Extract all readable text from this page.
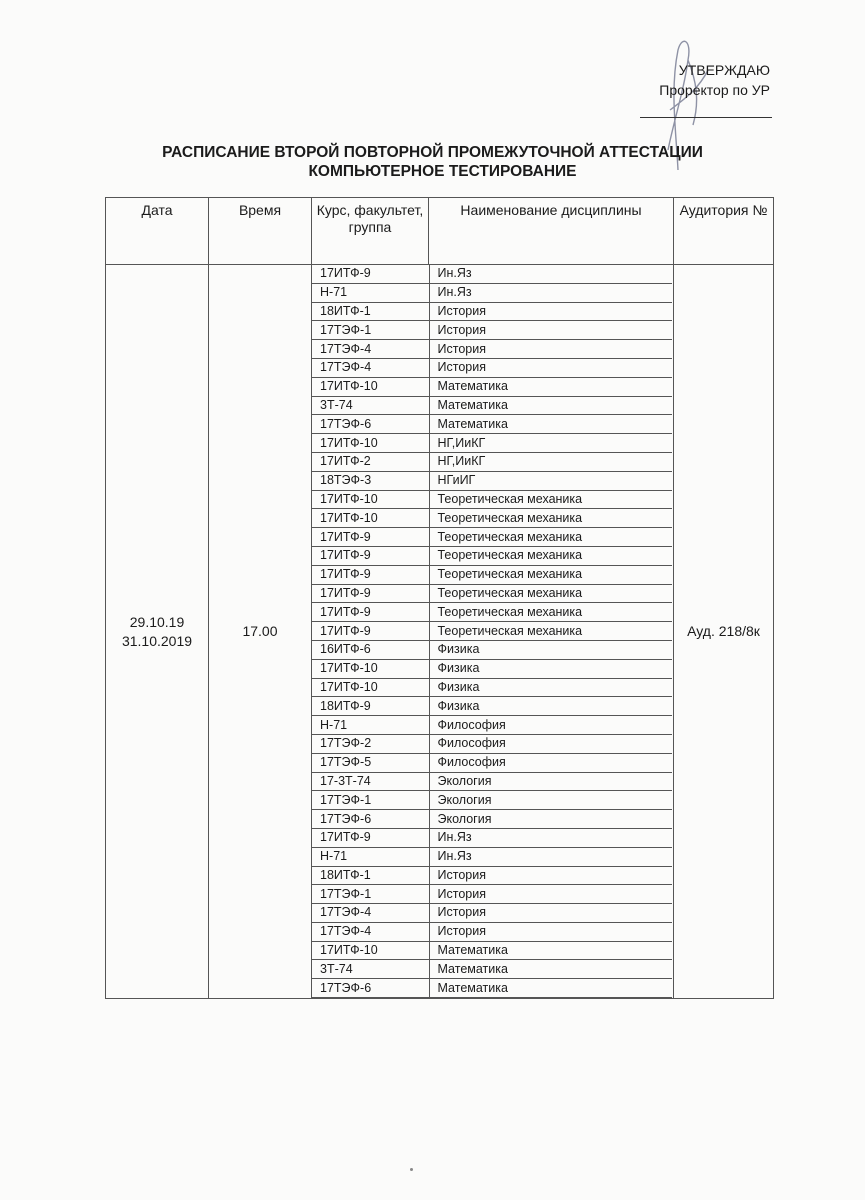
УТВЕРЖДАЮ
Проректор по УР
РАСПИСАНИЕ ВТОРОЙ ПОВТОРНОЙ ПРОМЕЖУТОЧНОЙ АТТЕСТАЦИИ
КОМПЬЮТЕРНОЕ ТЕСТИРОВАНИЕ
Дата	Время	Курс, факультет, группа	Наименование дисциплины	Аудитория №

29.10.19
31.10.2019
	17.00	
17ИТФ-9	Ин.Яз
Н-71	Ин.Яз
18ИТФ-1	История
17ТЭФ-1	История
17ТЭФ-4	История
17ТЭФ-4	История
17ИТФ-10	Математика
3Т-74	Математика
17ТЭФ-6	Математика
17ИТФ-10	НГ,ИиКГ
17ИТФ-2	НГ,ИиКГ
18ТЭФ-3	НГиИГ
17ИТФ-10	Теоретическая механика
17ИТФ-10	Теоретическая механика
17ИТФ-9	Теоретическая механика
17ИТФ-9	Теоретическая механика
17ИТФ-9	Теоретическая механика
17ИТФ-9	Теоретическая механика
17ИТФ-9	Теоретическая механика
17ИТФ-9	Теоретическая механика
16ИТФ-6	Физика
17ИТФ-10	Физика
17ИТФ-10	Физика
18ИТФ-9	Физика
Н-71	Философия
17ТЭФ-2	Философия
17ТЭФ-5	Философия
17-3Т-74	Экология
17ТЭФ-1	Экология
17ТЭФ-6	Экология
17ИТФ-9	Ин.Яз
Н-71	Ин.Яз
18ИТФ-1	История
17ТЭФ-1	История
17ТЭФ-4	История
17ТЭФ-4	История
17ИТФ-10	Математика
3Т-74	Математика
17ТЭФ-6	Математика
	Ауд. 218/8к
